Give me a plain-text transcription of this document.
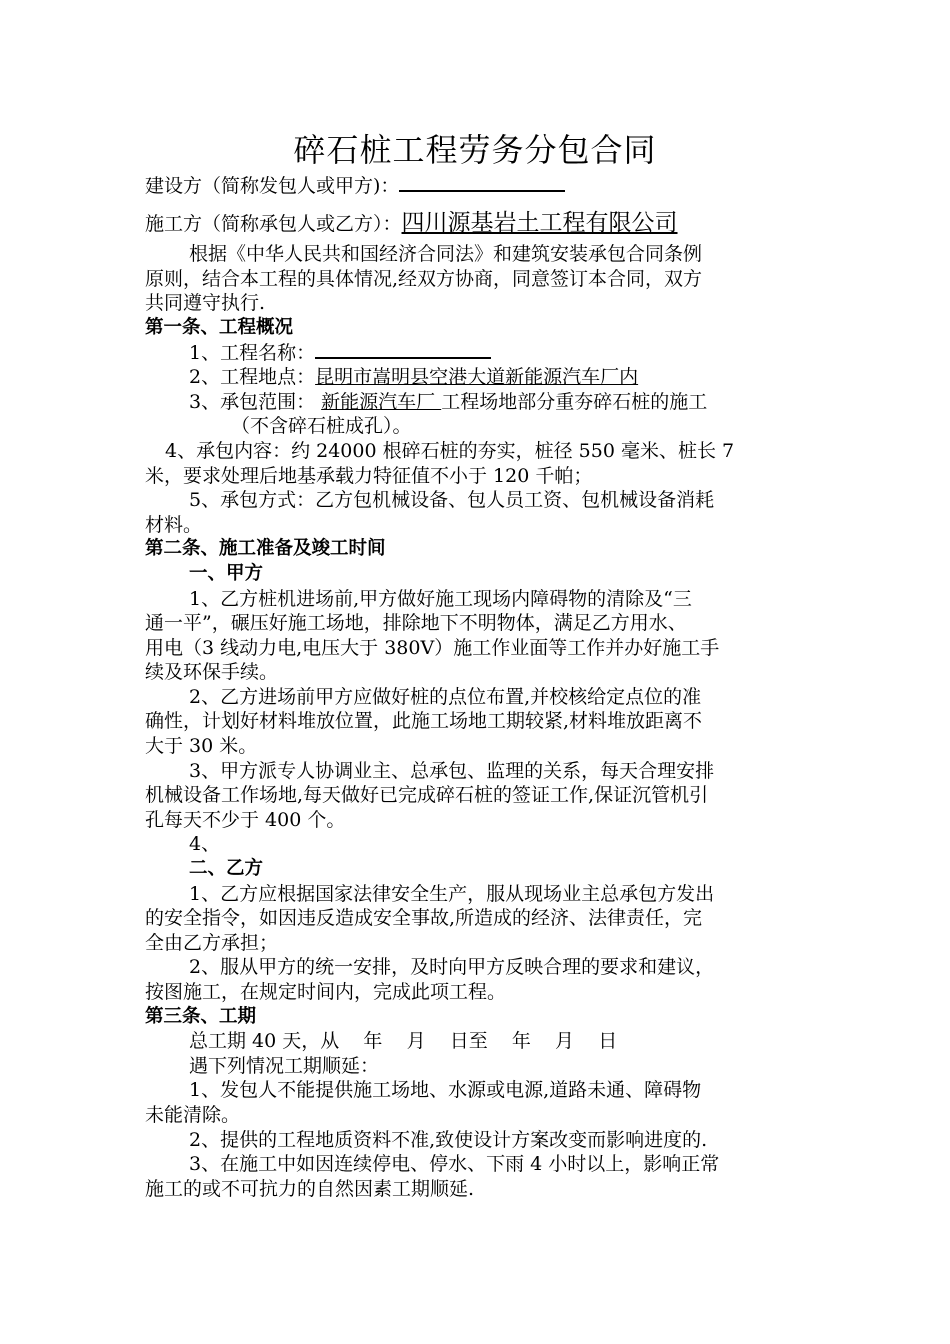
碎石桩工程劳务分包合同
建设方（简称发包人或甲方)：
施工方（简称承包人或乙方）：四川源基岩土工程有限公司
根据《中华人民共和国经济合同法》和建筑安装承包合同条例
原则，结合本工程的具体情况,经双方协商，同意签订本合同，双方
共同遵守执行.
第一条、工程概况
1、工程名称：
2、工程地点：昆明市嵩明县空港大道新能源汽车厂内
3、承包范围： 新能源汽车厂 工程场地部分重夯碎石桩的施工
（不含碎石桩成孔）。
4、承包内容：约 24000 根碎石桩的夯实，桩径 550 毫米、桩长 7
米，要求处理后地基承载力特征值不小于 120 千帕；
5、承包方式：乙方包机械设备、包人员工资、包机械设备消耗
材料。
第二条、施工准备及竣工时间
一、甲方
1、乙方桩机进场前,甲方做好施工现场内障碍物的清除及“三
通一平”，碾压好施工场地，排除地下不明物体，满足乙方用水、
用电（3 线动力电,电压大于 380V）施工作业面等工作并办好施工手
续及环保手续。
2、乙方进场前甲方应做好桩的点位布置,并校核给定点位的准
确性，计划好材料堆放位置，此施工场地工期较紧,材料堆放距离不
大于 30 米。
3、甲方派专人协调业主、总承包、监理的关系，每天合理安排
机械设备工作场地,每天做好已完成碎石桩的签证工作,保证沉管机引
孔每天不少于 400 个。
4、
二、乙方
1、乙方应根据国家法律安全生产，服从现场业主总承包方发出
的安全指令，如因违反造成安全事故,所造成的经济、法律责任，完
全由乙方承担；
2、服从甲方的统一安排，及时向甲方反映合理的要求和建议，
按图施工，在规定时间内，完成此项工程。
第三条、工期
总工期 40 天，从    年    月    日至    年    月    日
遇下列情况工期顺延：
1、发包人不能提供施工场地、水源或电源,道路未通、障碍物
未能清除。
2、提供的工程地质资料不准,致使设计方案改变而影响进度的.
3、在施工中如因连续停电、停水、下雨 4 小时以上，影响正常
施工的或不可抗力的自然因素工期顺延.
